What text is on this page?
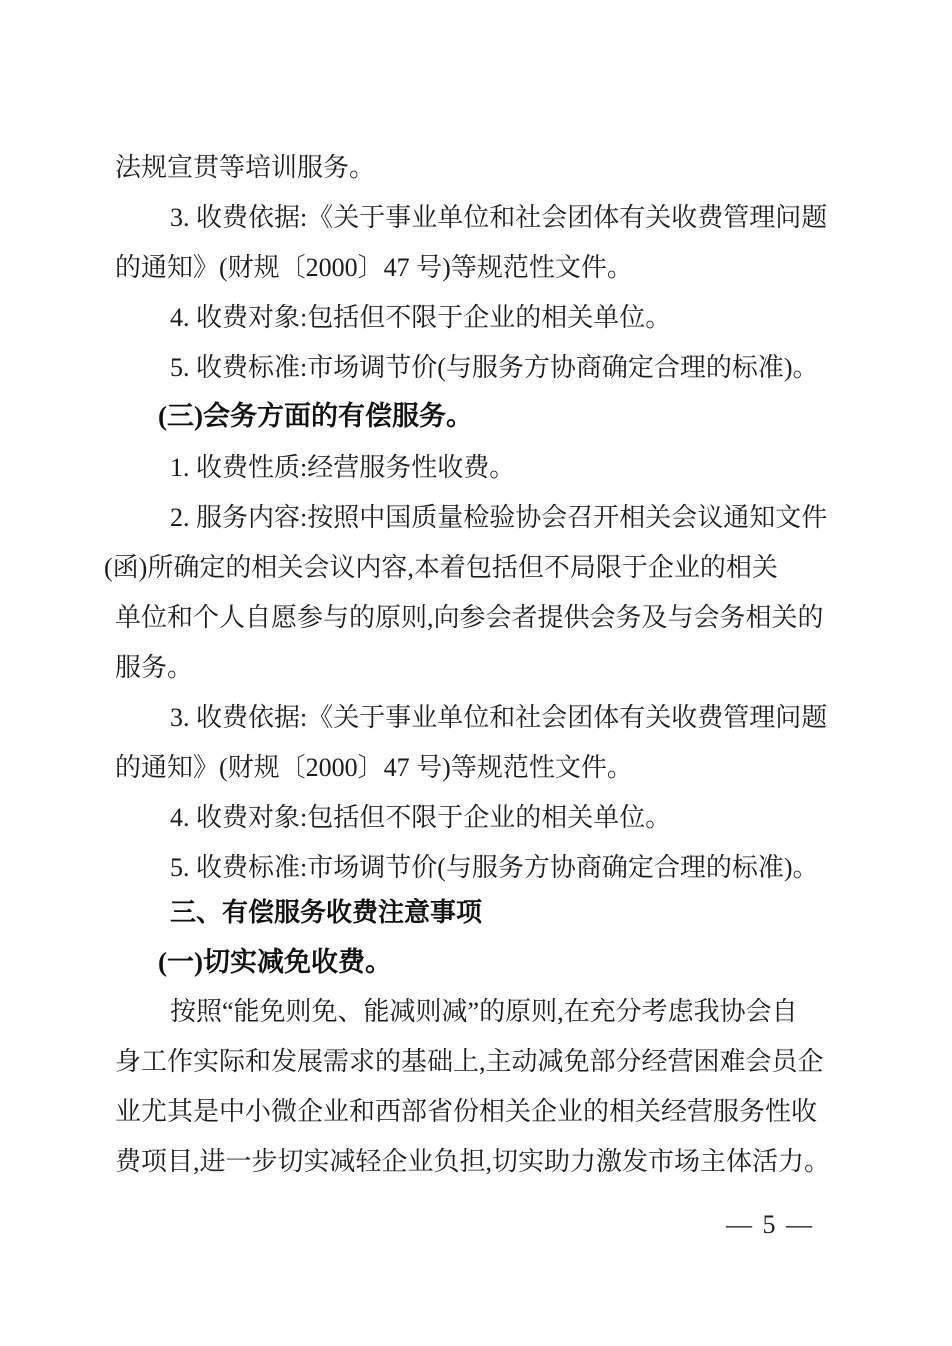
法规宣贯等培训服务。
3. 收费依据:《关于事业单位和社会团体有关收费管理问题
的通知》(财规〔2000〕47 号)等规范性文件。
4. 收费对象:包括但不限于企业的相关单位。
5. 收费标准:市场调节价(与服务方协商确定合理的标准)。
(三)会务方面的有偿服务。
1. 收费性质:经营服务性收费。
2. 服务内容:按照中国质量检验协会召开相关会议通知文件
(函)所确定的相关会议内容,本着包括但不局限于企业的相关
单位和个人自愿参与的原则,向参会者提供会务及与会务相关的
服务。
3. 收费依据:《关于事业单位和社会团体有关收费管理问题
的通知》(财规〔2000〕47 号)等规范性文件。
4. 收费对象:包括但不限于企业的相关单位。
5. 收费标准:市场调节价(与服务方协商确定合理的标准)。
三、有偿服务收费注意事项
(一)切实减免收费。
按照“能免则免、能减则减”的原则,在充分考虑我协会自
身工作实际和发展需求的基础上,主动减免部分经营困难会员企
业尤其是中小微企业和西部省份相关企业的相关经营服务性收
费项目,进一步切实减轻企业负担,切实助力激发市场主体活力。
— 5 —
